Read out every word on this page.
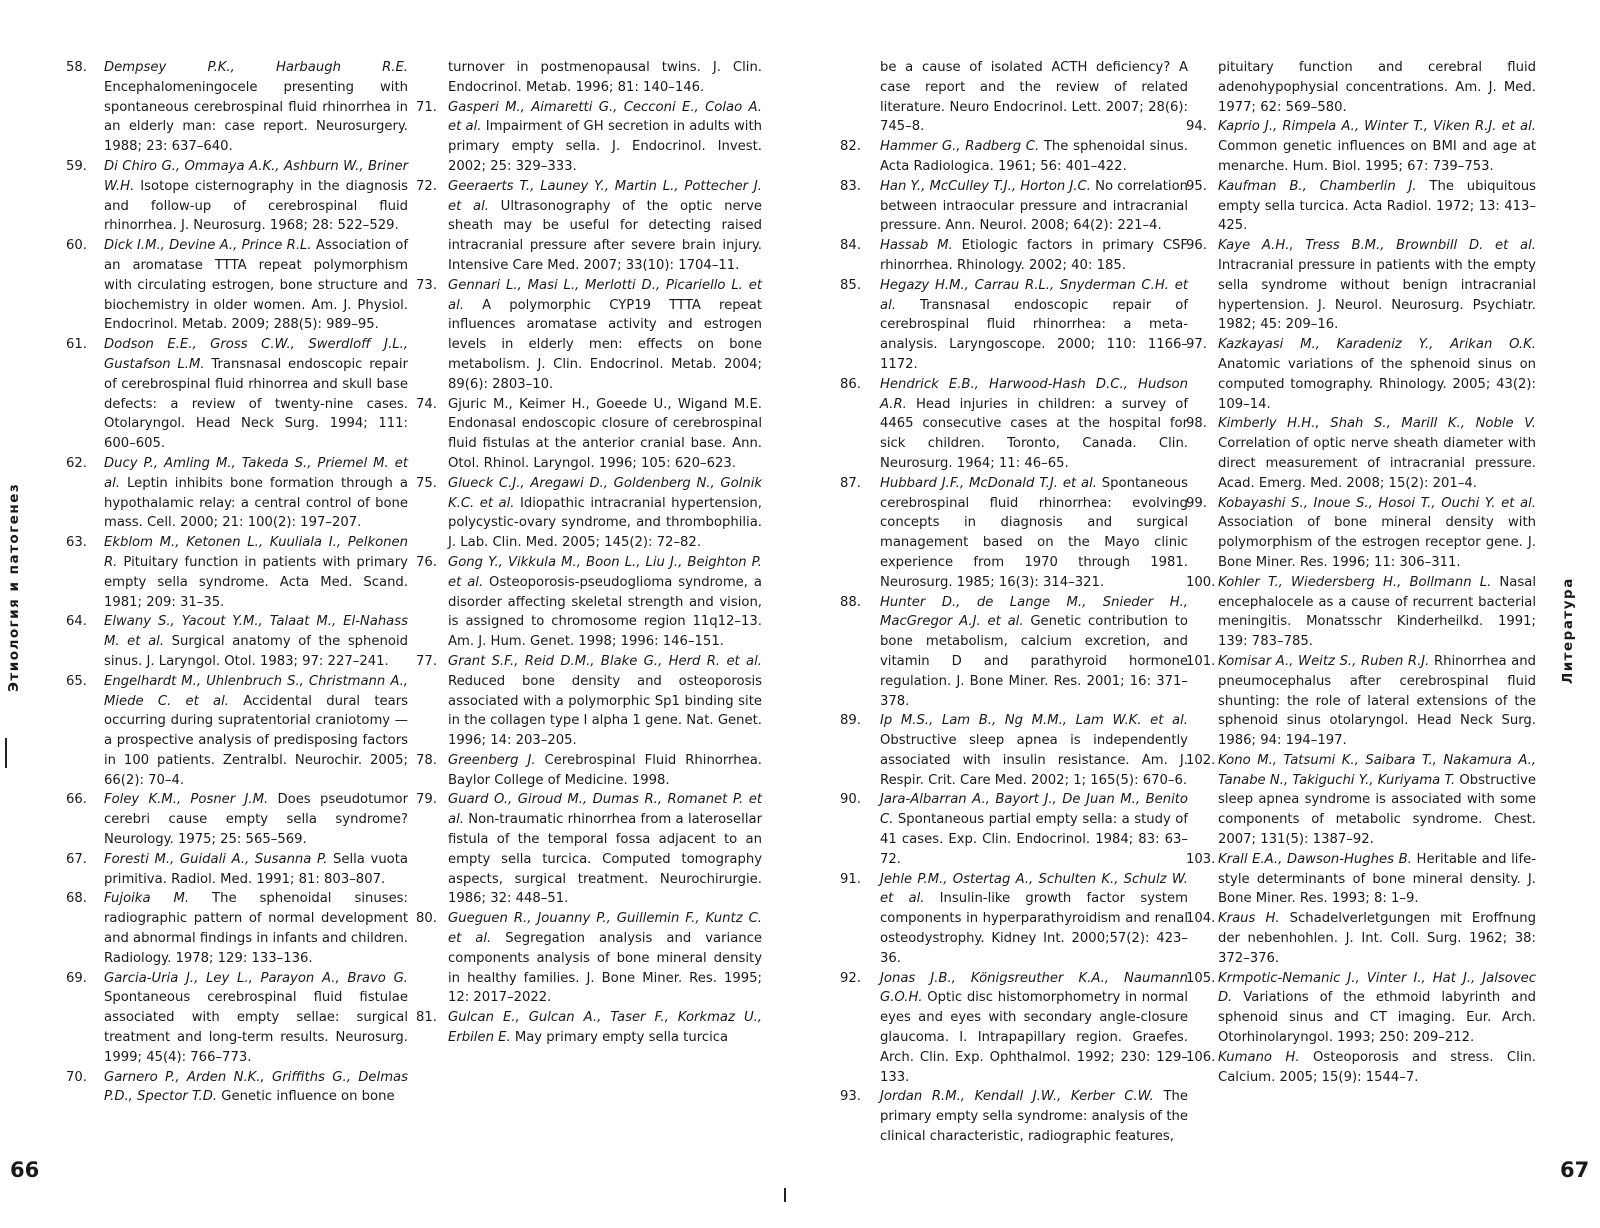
Этиология и патогенез	Литература
58.	Dempsey P.K., Harbaugh R.E. Encephalomeningocele presenting with spontaneous cerebrospinal fluid rhinorrhea in an elderly man: case report. Neurosurgery. 1988; 23: 637–640.
59.	Di Chiro G., Ommaya A.K., Ashburn W., Briner W.H. Isotope cisternography in the diagnosis and follow-up of cerebrospinal fluid rhinorrhea. J. Neurosurg. 1968; 28: 522–529.
60.	Dick I.M., Devine A., Prince R.L. Association of an aromatase TTTA repeat polymorphism with circulating estrogen, bone structure and biochemistry in older women. Am. J. Physiol. Endocrinol. Metab. 2009; 288(5): 989–95.
61.	Dodson E.E., Gross C.W., Swerdloff J.L., Gustafson L.M. Transnasal endoscopic repair of cerebrospinal fluid rhinorrea and skull base defects: a review of twenty-nine cases. Otolaryngol. Head Neck Surg. 1994; 111: 600–605.
62.	Ducy P., Amling M., Takeda S., Priemel M. et al. Leptin inhibits bone formation through a hypothalamic relay: a central control of bone mass. Cell. 2000; 21: 100(2): 197–207.
63.	Ekblom M., Ketonen L., Kuuliala I., Pelkonen R. Pituitary function in patients with primary empty sella syndrome. Acta Med. Scand. 1981; 209: 31–35.
64.	Elwany S., Yacout Y.M., Talaat M., El-Nahass M. et al. Surgical anatomy of the sphenoid sinus. J. Laryngol. Otol. 1983; 97: 227–241.
65.	Engelhardt M., Uhlenbruch S., Christmann A., Miede C. et al. Accidental dural tears occurring during supratentorial craniotomy — a prospective analysis of predisposing factors in 100 patients. Zentralbl. Neurochir. 2005; 66(2): 70–4.
66.	Foley K.M., Posner J.M. Does pseudotumor cerebri cause empty sella syndrome? Neurology. 1975; 25: 565–569.
67.	Foresti M., Guidali A., Susanna P. Sella vuota primitiva. Radiol. Med. 1991; 81: 803–807.
68.	Fujoika M. The sphenoidal sinuses: radiographic pattern of normal development and abnormal findings in infants and children. Radiology. 1978; 129: 133–136.
69.	Garcia-Uria J., Ley L., Parayon A., Bravo G. Spontaneous cerebrospinal fluid fistulae associated with empty sellae: surgical treatment and long-term results. Neurosurg. 1999; 45(4): 766–773.
70.	Garnero P., Arden N.K., Griffiths G., Delmas P.D., Spector T.D. Genetic influence on bone
turnover in postmenopausal twins. J. Clin. Endocrinol. Metab. 1996; 81: 140–146.
71. Gasperi M., Aimaretti G., Cecconi E., Colao A. et al. Impairment of GH secretion in adults with primary empty sella. J. Endocrinol. Invest. 2002; 25: 329–333.
72. Geeraerts T., Launey Y., Martin L., Pottecher J. et al. Ultrasonography of the optic nerve sheath may be useful for detecting raised intracranial pressure after severe brain injury. Intensive Care Med. 2007; 33(10): 1704–11.
73. Gennari L., Masi L., Merlotti D., Picariello L. et al. A polymorphic CYP19 TTTA repeat influences aromatase activity and estrogen levels in elderly men: effects on bone metabolism. J. Clin. Endocrinol. Metab. 2004; 89(6): 2803–10.
74. Gjuric M., Keimer H., Goeede U., Wigand M.E. Endonasal endoscopic closure of cerebrospinal fluid fistulas at the anterior cranial base. Ann. Otol. Rhinol. Laryngol. 1996; 105: 620–623.
75. Glueck C.J., Aregawi D., Goldenberg N., Golnik K.C. et al. Idiopathic intracranial hypertension, polycystic-ovary syndrome, and thrombophilia. J. Lab. Clin. Med. 2005; 145(2): 72–82.
76. Gong Y., Vikkula M., Boon L., Liu J., Beighton P. et al. Osteoporosis-pseudoglioma syndrome, a disorder affecting skeletal strength and vision, is assigned to chromosome region 11q12–13. Am. J. Hum. Genet. 1998; 1996: 146–151.
77. Grant S.F., Reid D.M., Blake G., Herd R. et al. Reduced bone density and osteoporosis associated with a polymorphic Sp1 binding site in the collagen type I alpha 1 gene. Nat. Genet. 1996; 14: 203–205.
78. Greenberg J. Cerebrospinal Fluid Rhinorrhea. Baylor College of Medicine. 1998.
79. Guard O., Giroud M., Dumas R., Romanet P. et al. Non-traumatic rhinorrhea from a laterosellar fistula of the temporal fossa adjacent to an empty sella turcica. Computed tomography aspects, surgical treatment. Neurochirurgie. 1986; 32: 448–51.
80. Gueguen R., Jouanny P., Guillemin F., Kuntz C. et al. Segregation analysis and variance components analysis of bone mineral density in healthy families. J. Bone Miner. Res. 1995; 12: 2017–2022.
81. Gulcan E., Gulcan A., Taser F., Korkmaz U., Erbilen E. May primary empty sella turcica
be a cause of isolated ACTH deficiency? A case report and the review of related literature. Neuro Endocrinol. Lett. 2007; 28(6): 745–8.
82.	Hammer G., Radberg C. The sphenoidal sinus. Acta Radiologica. 1961; 56: 401–422.
83.	Han Y., McCulley T.J., Horton J.C. No correlation between intraocular pressure and intracranial pressure. Ann. Neurol. 2008; 64(2): 221–4.
84.	Hassab M. Etiologic factors in primary CSF rhinorrhea. Rhinology. 2002; 40: 185.
85.	Hegazy H.M., Carrau R.L., Snyderman C.H. et al. Transnasal endoscopic repair of cerebrospinal fluid rhinorrhea: a meta-analysis. Laryngoscope. 2000; 110: 1166–1172.
86.	Hendrick E.B., Harwood-Hash D.C., Hudson A.R. Head injuries in children: a survey of 4465 consecutive cases at the hospital for sick children. Toronto, Canada. Clin. Neurosurg. 1964; 11: 46–65.
87.	Hubbard J.F., McDonald T.J. et al. Spontaneous cerebrospinal fluid rhinorrhea: evolving concepts in diagnosis and surgical management based on the Mayo clinic experience from 1970 through 1981. Neurosurg. 1985; 16(3): 314–321.
88.	Hunter D., de Lange M., Snieder H., MacGregor A.J. et al. Genetic contribution to bone metabolism, calcium excretion, and vitamin D and parathyroid hormone regulation. J. Bone Miner. Res. 2001; 16: 371–378.
89.	Ip M.S., Lam B., Ng M.M., Lam W.K. et al. Obstructive sleep apnea is independently associated with insulin resistance. Am. J. Respir. Crit. Care Med. 2002; 1; 165(5): 670–6.
90.	Jara-Albarran A., Bayort J., De Juan M., Benito C. Spontaneous partial empty sella: a study of 41 cases. Exp. Clin. Endocrinol. 1984; 83: 63–72.
91.	Jehle P.M., Ostertag A., Schulten K., Schulz W. et al. Insulin-like growth factor system components in hyperparathyroidism and renal osteodystrophy. Kidney Int. 2000;57(2): 423–36.
92.	Jonas J.B., Königsreuther K.A., Naumann G.O.H. Optic disc histomorphometry in normal eyes and eyes with secondary angle-closure glaucoma. I. Intrapapillary region. Graefes. Arch. Clin. Exp. Ophthalmol. 1992; 230: 129–133.
93.	Jordan R.M., Kendall J.W., Kerber C.W. The primary empty sella syndrome: analysis of the clinical characteristic, radiographic features,
pituitary function and cerebral fluid adenohypophysial concentrations. Am. J. Med. 1977; 62: 569–580.
94. Kaprio J., Rimpela A., Winter T., Viken R.J. et al. Common genetic influences on BMI and age at menarche. Hum. Biol. 1995; 67: 739–753.
95. Kaufman B., Chamberlin J. The ubiquitous empty sella turcica. Acta Radiol. 1972; 13: 413–425.
96. Kaye A.H., Tress B.M., Brownbill D. et al. Intracranial pressure in patients with the empty sella syndrome without benign intracranial hypertension. J. Neurol. Neurosurg. Psychiatr. 1982; 45: 209–16.
97. Kazkayasi M., Karadeniz Y., Arikan O.K. Anatomic variations of the sphenoid sinus on computed tomography. Rhinology. 2005; 43(2): 109–14.
98. Kimberly H.H., Shah S., Marill K., Noble V. Correlation of optic nerve sheath diameter with direct measurement of intracranial pressure. Acad. Emerg. Med. 2008; 15(2): 201–4.
99. Kobayashi S., Inoue S., Hosoi T., Ouchi Y. et al. Association of bone mineral density with polymorphism of the estrogen receptor gene. J. Bone Miner. Res. 1996; 11: 306–311.
100. Kohler T., Wiedersberg H., Bollmann L. Nasal encephalocele as a cause of recurrent bacterial meningitis. Monatsschr Kinderheilkd. 1991; 139: 783–785.
101. Komisar A., Weitz S., Ruben R.J. Rhinorrhea and pneumocephalus after cerebrospinal fluid shunting: the role of lateral extensions of the sphenoid sinus otolaryngol. Head Neck Surg. 1986; 94: 194–197.
102. Kono M., Tatsumi K., Saibara T., Nakamura A., Tanabe N., Takiguchi Y., Kuriyama T. Obstructive sleep apnea syndrome is associated with some components of metabolic syndrome. Chest. 2007; 131(5): 1387–92.
103. Krall E.A., Dawson-Hughes B. Heritable and life-style determinants of bone mineral density. J. Bone Miner. Res. 1993; 8: 1–9.
104. Kraus H. Schadelverletgungen mit Eroffnung der nebenhohlen. J. Int. Coll. Surg. 1962; 38: 372–376.
105. Krmpotic-Nemanic J., Vinter I., Hat J., Jalsovec D. Variations of the ethmoid labyrinth and sphenoid sinus and CT imaging. Eur. Arch. Otorhinolaryngol. 1993; 250: 209–212.
106. Kumano H. Osteoporosis and stress. Clin. Calcium. 2005; 15(9): 1544–7.
66	67
